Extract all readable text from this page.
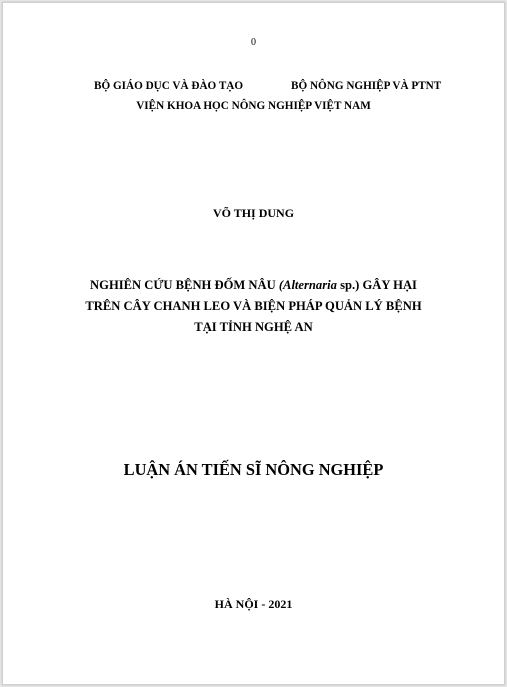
0
BỘ GIÁO DỤC VÀ ĐÀO TẠO	BỘ NÔNG NGHIỆP VÀ PTNT
VIỆN KHOA HỌC NÔNG NGHIỆP VIỆT NAM
VÕ THỊ DUNG
NGHIÊN CỨU BỆNH ĐỐM NÂU (Alternaria sp.) GÂY HẠI
TRÊN CÂY CHANH LEO VÀ BIỆN PHÁP QUẢN LÝ BỆNH
TẠI TỈNH NGHỆ AN
LUẬN ÁN TIẾN SĨ NÔNG NGHIỆP
HÀ NỘI - 2021
